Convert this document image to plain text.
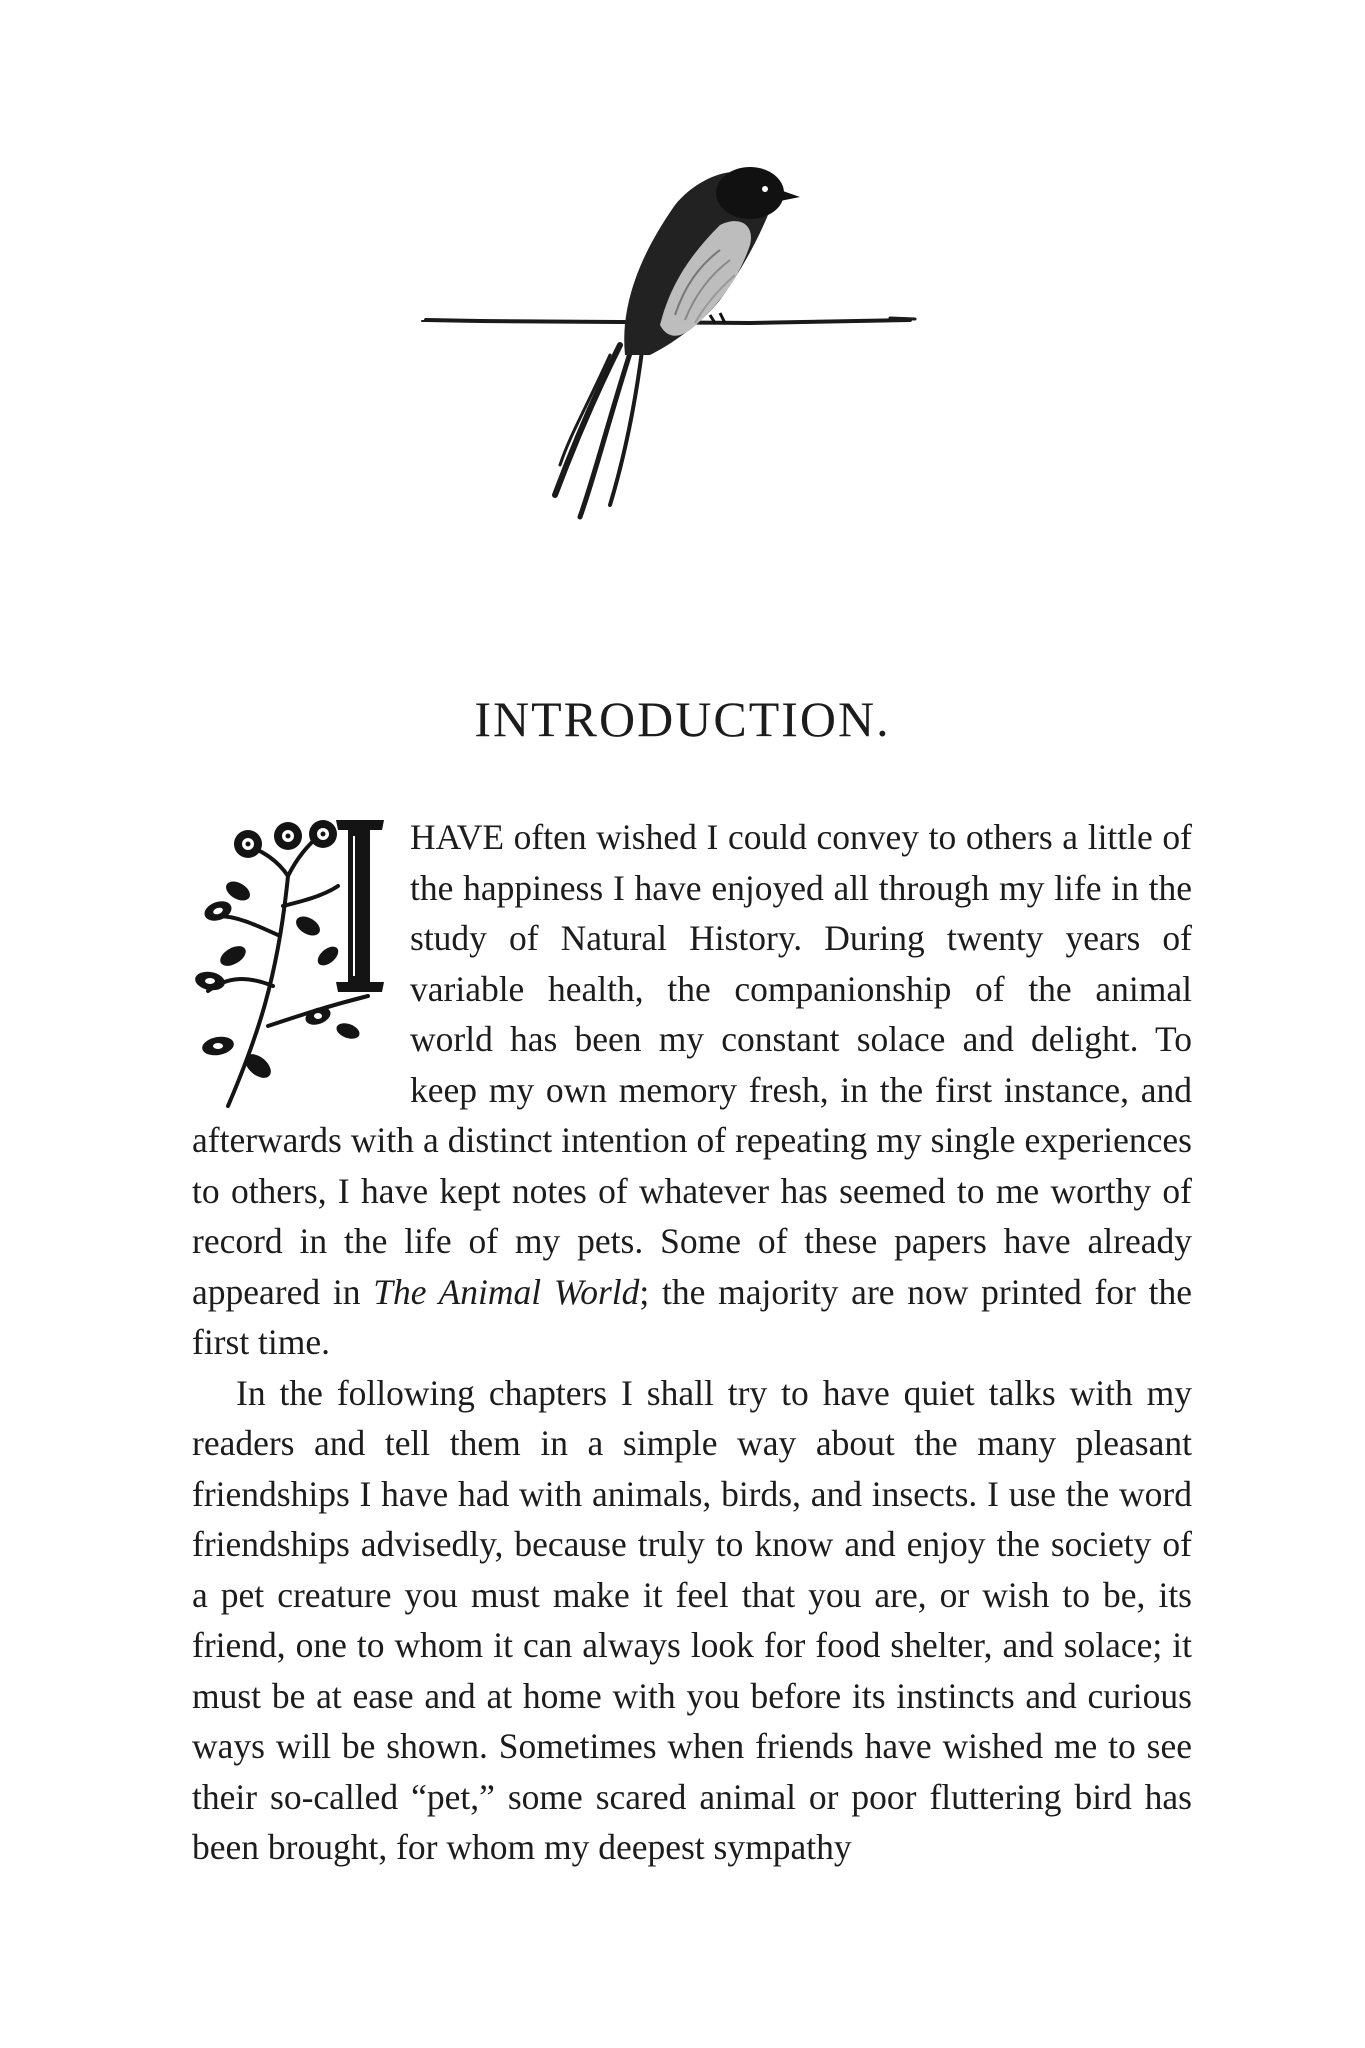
INTRODUCTION.

HAVE often wished I could convey to others a little of the happiness I have enjoyed all through my life in the study of Natural History. During twenty years of variable health, the companionship of the animal world has been my constant solace and delight. To keep my own memory fresh, in the first instance, and afterwards with a distinct intention of repeating my single experiences to others, I have kept notes of whatever has seemed to me worthy of record in the life of my pets. Some of these papers have already appeared in The Animal World; the majority are now printed for the first time.

In the following chapters I shall try to have quiet talks with my readers and tell them in a simple way about the many pleasant friendships I have had with animals, birds, and insects. I use the word friendships advisedly, because truly to know and enjoy the society of a pet creature you must make it feel that you are, or wish to be, its friend, one to whom it can always look for food shelter, and solace; it must be at ease and at home with you before its instincts and curious ways will be shown. Sometimes when friends have wished me to see their so-called “pet,” some scared animal or poor fluttering bird has been brought, for whom my deepest sympathy
